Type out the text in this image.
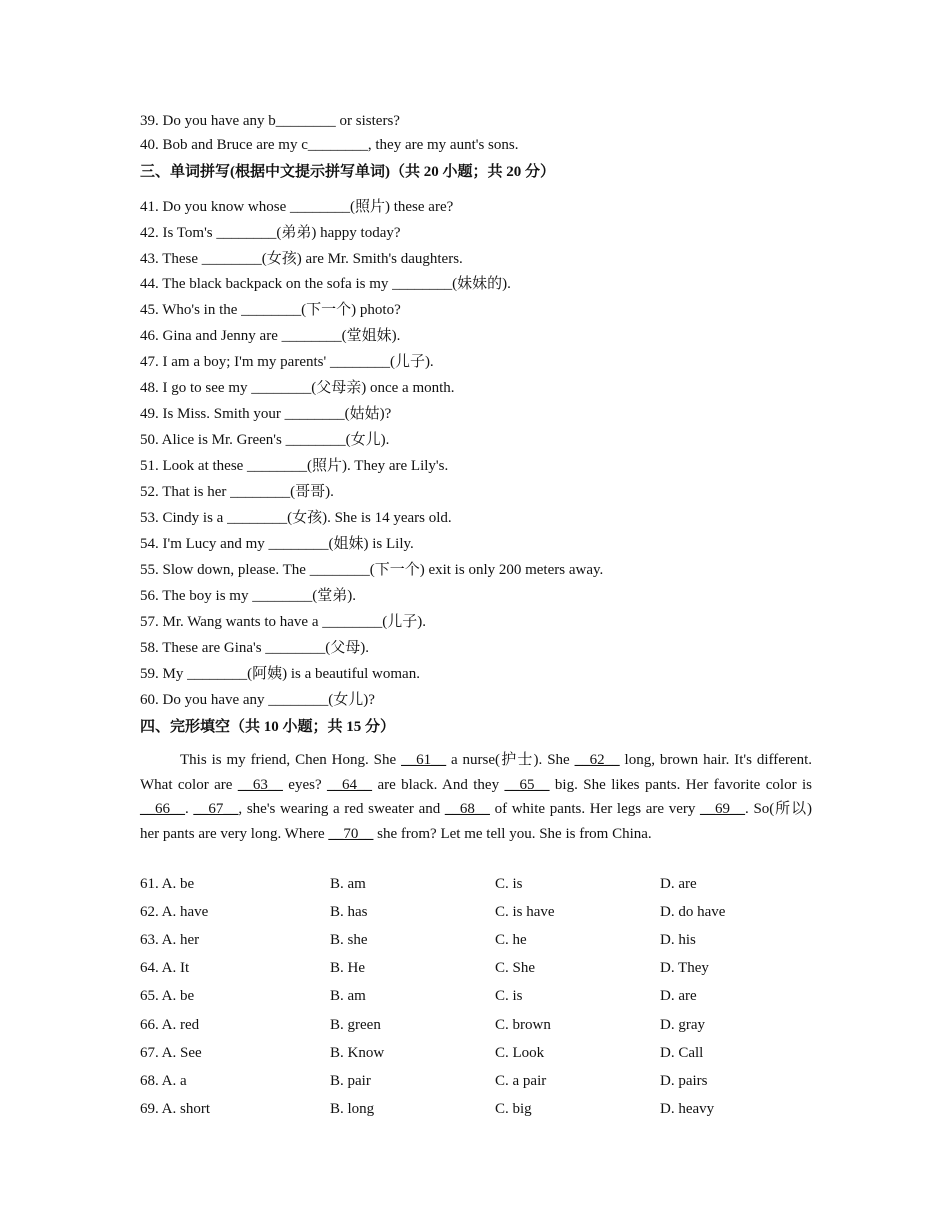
39. Do you have any b________ or sisters?
40. Bob and Bruce are my c________, they are my aunt's sons.
三、单词拼写(根据中文提示拼写单词)（共 20 小题；共 20 分）
41. Do you know whose ________(照片) these are?
42. Is Tom's ________(弟弟) happy today?
43. These ________(女孩) are Mr. Smith's daughters.
44. The black backpack on the sofa is my ________(妹妹的).
45. Who's in the ________(下一个) photo?
46. Gina and Jenny are ________(堂姐妹).
47. I am a boy; I'm my parents' ________(儿子).
48. I go to see my ________(父母亲) once a month.
49. Is Miss. Smith your ________(姑姑)?
50. Alice is Mr. Green's ________(女儿).
51. Look at these ________(照片). They are Lily's.
52. That is her ________(哥哥).
53. Cindy is a ________(女孩). She is 14 years old.
54. I'm Lucy and my ________(姐妹) is Lily.
55. Slow down, please. The ________(下一个) exit is only 200 meters away.
56. The boy is my ________(堂弟).
57. Mr. Wang wants to have a ________(儿子).
58. These are Gina's ________(父母).
59. My ________(阿姨) is a beautiful woman.
60. Do you have any ________(女儿)?
四、完形填空（共 10 小题；共 15 分）
This is my friend, Chen Hong. She __61__ a nurse(护士). She __62__ long, brown hair. It's different. What color are __63__ eyes? __64__ are black. And they __65__ big. She likes pants. Her favorite color is __66__. __67__, she's wearing a red sweater and __68__ of white pants. Her legs are very __69__. So(所以) her pants are very long. Where __70__ she from? Let me tell you. She is from China.
61. A. be	B. am	C. is	D. are
62. A. have	B. has	C. is have	D. do have
63. A. her	B. she	C. he	D. his
64. A. It	B. He	C. She	D. They
65. A. be	B. am	C. is	D. are
66. A. red	B. green	C. brown	D. gray
67. A. See	B. Know	C. Look	D. Call
68. A. a	B. pair	C. a pair	D. pairs
69. A. short	B. long	C. big	D. heavy
